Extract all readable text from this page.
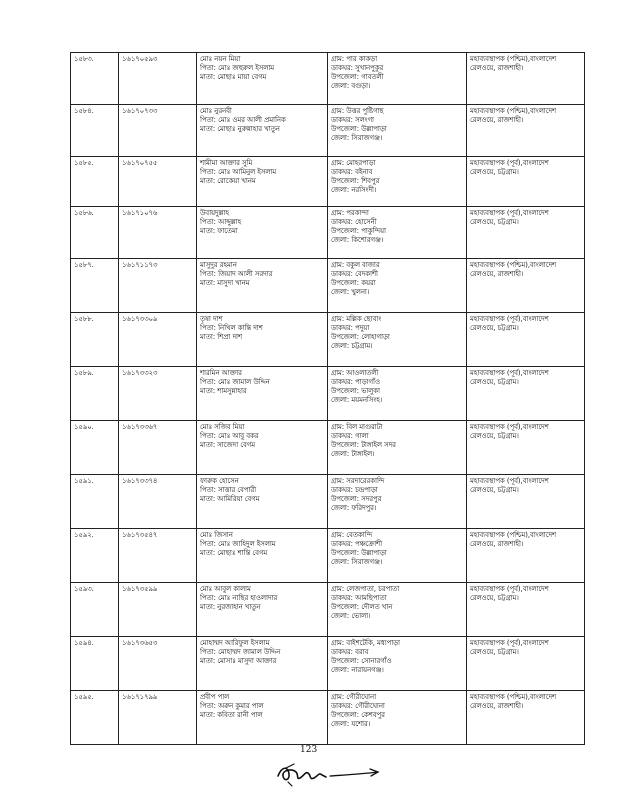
১৫৮৩.	১৬১৭০৫৯৩	মোঃ নয়ন মিয়া
পিতা: মোঃ জহুরুল ইসলাম
মাতা: মোছাঃ মায়া বেগম	গ্রাম: পার কাকড়া
ডাকঘর: সুখানপুকুর
উপজেলা: গাবতলী
জেলা: বগুড়া।	মহাব্যবস্থাপক (পশ্চিম),বাংলাদেশ
রেলওয়ে, রাজশাহী।

১৫৮৪.	১৬১৭০৭৩৩	মোঃ নুরনবী
পিতা: মোঃ ওমর আলী প্রমানিক
মাতা: মোছাঃ নুরুন্নাহার খাতুন	গ্রাম: উত্তর পুষ্টিগাছ
ডাকঘর: সলংগা
উপজেলা: উল্লাপাড়া
জেলা: সিরাজগঞ্জ।	মহাব্যবস্থাপক (পশ্চিম),বাংলাদেশ
রেলওয়ে, রাজশাহী।

১৫৮৫.	১৬১৭০৭৫৫	শামীমা আক্তার সুমি
পিতা: মোঃ আমিনুল ইসলাম
মাতা: রোকেয়া খানম	গ্রাম: মোহরপাড়া
ডাকঘর: বইনাব
উপজেলা: শিবপুর
জেলা: নরসিংদী।	মহাব্যবস্থাপক (পূর্ব),বাংলাদেশ
রেলওয়ে, চট্টগ্রাম।

১৫৮৬.	১৬১৭১০৭৬	উবায়দুল্লাহ
পিতা: আব্দুল্লাহ
মাতা: ফাতেমা	গ্রাম: পরকান্দা
ডাকঘর: হোসেনী
উপজেলা: পাকুন্দিয়া
জেলা: কিশোরগঞ্জ।	মহাব্যবস্থাপক (পূর্ব),বাংলাদেশ
রেলওয়ে, চট্টগ্রাম।

১৫৮৭.	১৬১৭১১৭৩	মাসুদুর রহমান
পিতা: জিয়াদ আলী সরদার
মাতা: মাসুদা খানম	গ্রাম: বকুল বাজার
ডাকঘর: বেদকাশী
উপজেলা: কয়রা
জেলা: খুলনা।	মহাব্যবস্থাপক (পশ্চিম),বাংলাদেশ
রেলওয়ে, রাজশাহী।

১৫৮৮.	১৬১৭৩৩০৯	তৃষা দাশ
পিতা: নিখিল কান্তি দাশ
মাতা: শিপ্রা দাশ	গ্রাম: মল্লিক ছোবাং
ডাকঘর: পদুয়া
উপজেলা: লোহাগাড়া
জেলা: চট্টগ্রাম।	মহাব্যবস্থাপক (পূর্ব),বাংলাদেশ
রেলওয়ে, চট্টগ্রাম।

১৫৮৯.	১৬১৭৩৩২৩	শারমিন আক্তার
পিতা: মোঃ জামাল উদ্দিন
মাতা: শামসুন্নাহার	গ্রাম: আওলাতলী
ডাকঘর: পাড়াগাঁও
উপজেলা: ভালুকা
জেলা: ময়মনসিংহ।	মহাব্যবস্থাপক (পূর্ব),বাংলাদেশ
রেলওয়ে, চট্টগ্রাম।

১৫৯০.	১৬১৭৩৩৬৭	মোঃ সজিব মিয়া
পিতা: মোঃ আবু বকর
মাতা: সাজেদা বেগম	গ্রাম: বিল মাগুরাটা
ডাকঘর: গালা
উপজেলা: টাঙ্গাইল সদর
জেলা: টাঙ্গাইল।	মহাব্যবস্থাপক (পূর্ব),বাংলাদেশ
রেলওয়ে, চট্টগ্রাম।

১৫৯১.	১৬১৭৩৩৭৪	ফারুক হোসেন
পিতা: সাত্তার বেপারী
মাতা: আমিরিয়া বেগম	গ্রাম: সরদারেরকান্দি
ডাকঘর: চন্দ্রপাড়া
উপজেলা: সদরপুর
জেলা: ফরিদপুর।	মহাব্যবস্থাপক (পূর্ব),বাংলাদেশ
রেলওয়ে, চট্টগ্রাম।

১৫৯২.	১৬১৭৩৫৪৭	মোঃ জিসান
পিতা: মোঃ জাহিদুল ইসলাম
মাতা: মোছাঃ শান্তি বেগম	গ্রাম: বেতকান্দি
ডাকঘর: পঞ্চক্রোশী
উপজেলা: উল্লাপাড়া
জেলা: সিরাজগঞ্জ।	মহাব্যবস্থাপক (পশ্চিম),বাংলাদেশ
রেলওয়ে, রাজশাহী।

১৫৯৩.	১৬১৭৩৫৯৯	মোঃ আবুল কালাম
পিতা: মোঃ নাছির হাওলাদার
মাতা: নুরজাহান খাতুন	গ্রাম: লেজপাতা, চরপাতা
ডাকঘর: আমছিপাতা
উপজেলা: দৌলত খান
জেলা: ভোলা।	মহাব্যবস্থাপক (পূর্ব),বাংলাদেশ
রেলওয়ে, চট্টগ্রাম।

১৫৯৪.	১৬১৭৩৬৫৩	মোহাম্মদ আরিফুল ইসলাম
পিতা: মোহাম্মদ জামাল উদ্দিন
মাতা: মোসাঃ মাসুদা আক্তার	গ্রাম: বাইশটেকি, মধ্যপাড়া
ডাকঘর: বরাব
উপজেলা: সোনারগাঁও
জেলা: নারায়নগঞ্জ।	মহাব্যবস্থাপক (পূর্ব),বাংলাদেশ
রেলওয়ে, চট্টগ্রাম।

১৫৯৫.	১৬১৭১৭৯৯	প্রবীপ পাল
পিতা: অরুন কুমার পাল
মাতা: কবিতা রানী পাল	গ্রাম: গৌরীঘোনা
ডাকঘর: গৌরীঘোনা
উপজেলা: কেশবপুর
জেলা: যশোর।	মহাব্যবস্থাপক (পশ্চিম),বাংলাদেশ
রেলওয়ে, রাজশাহী।
123
